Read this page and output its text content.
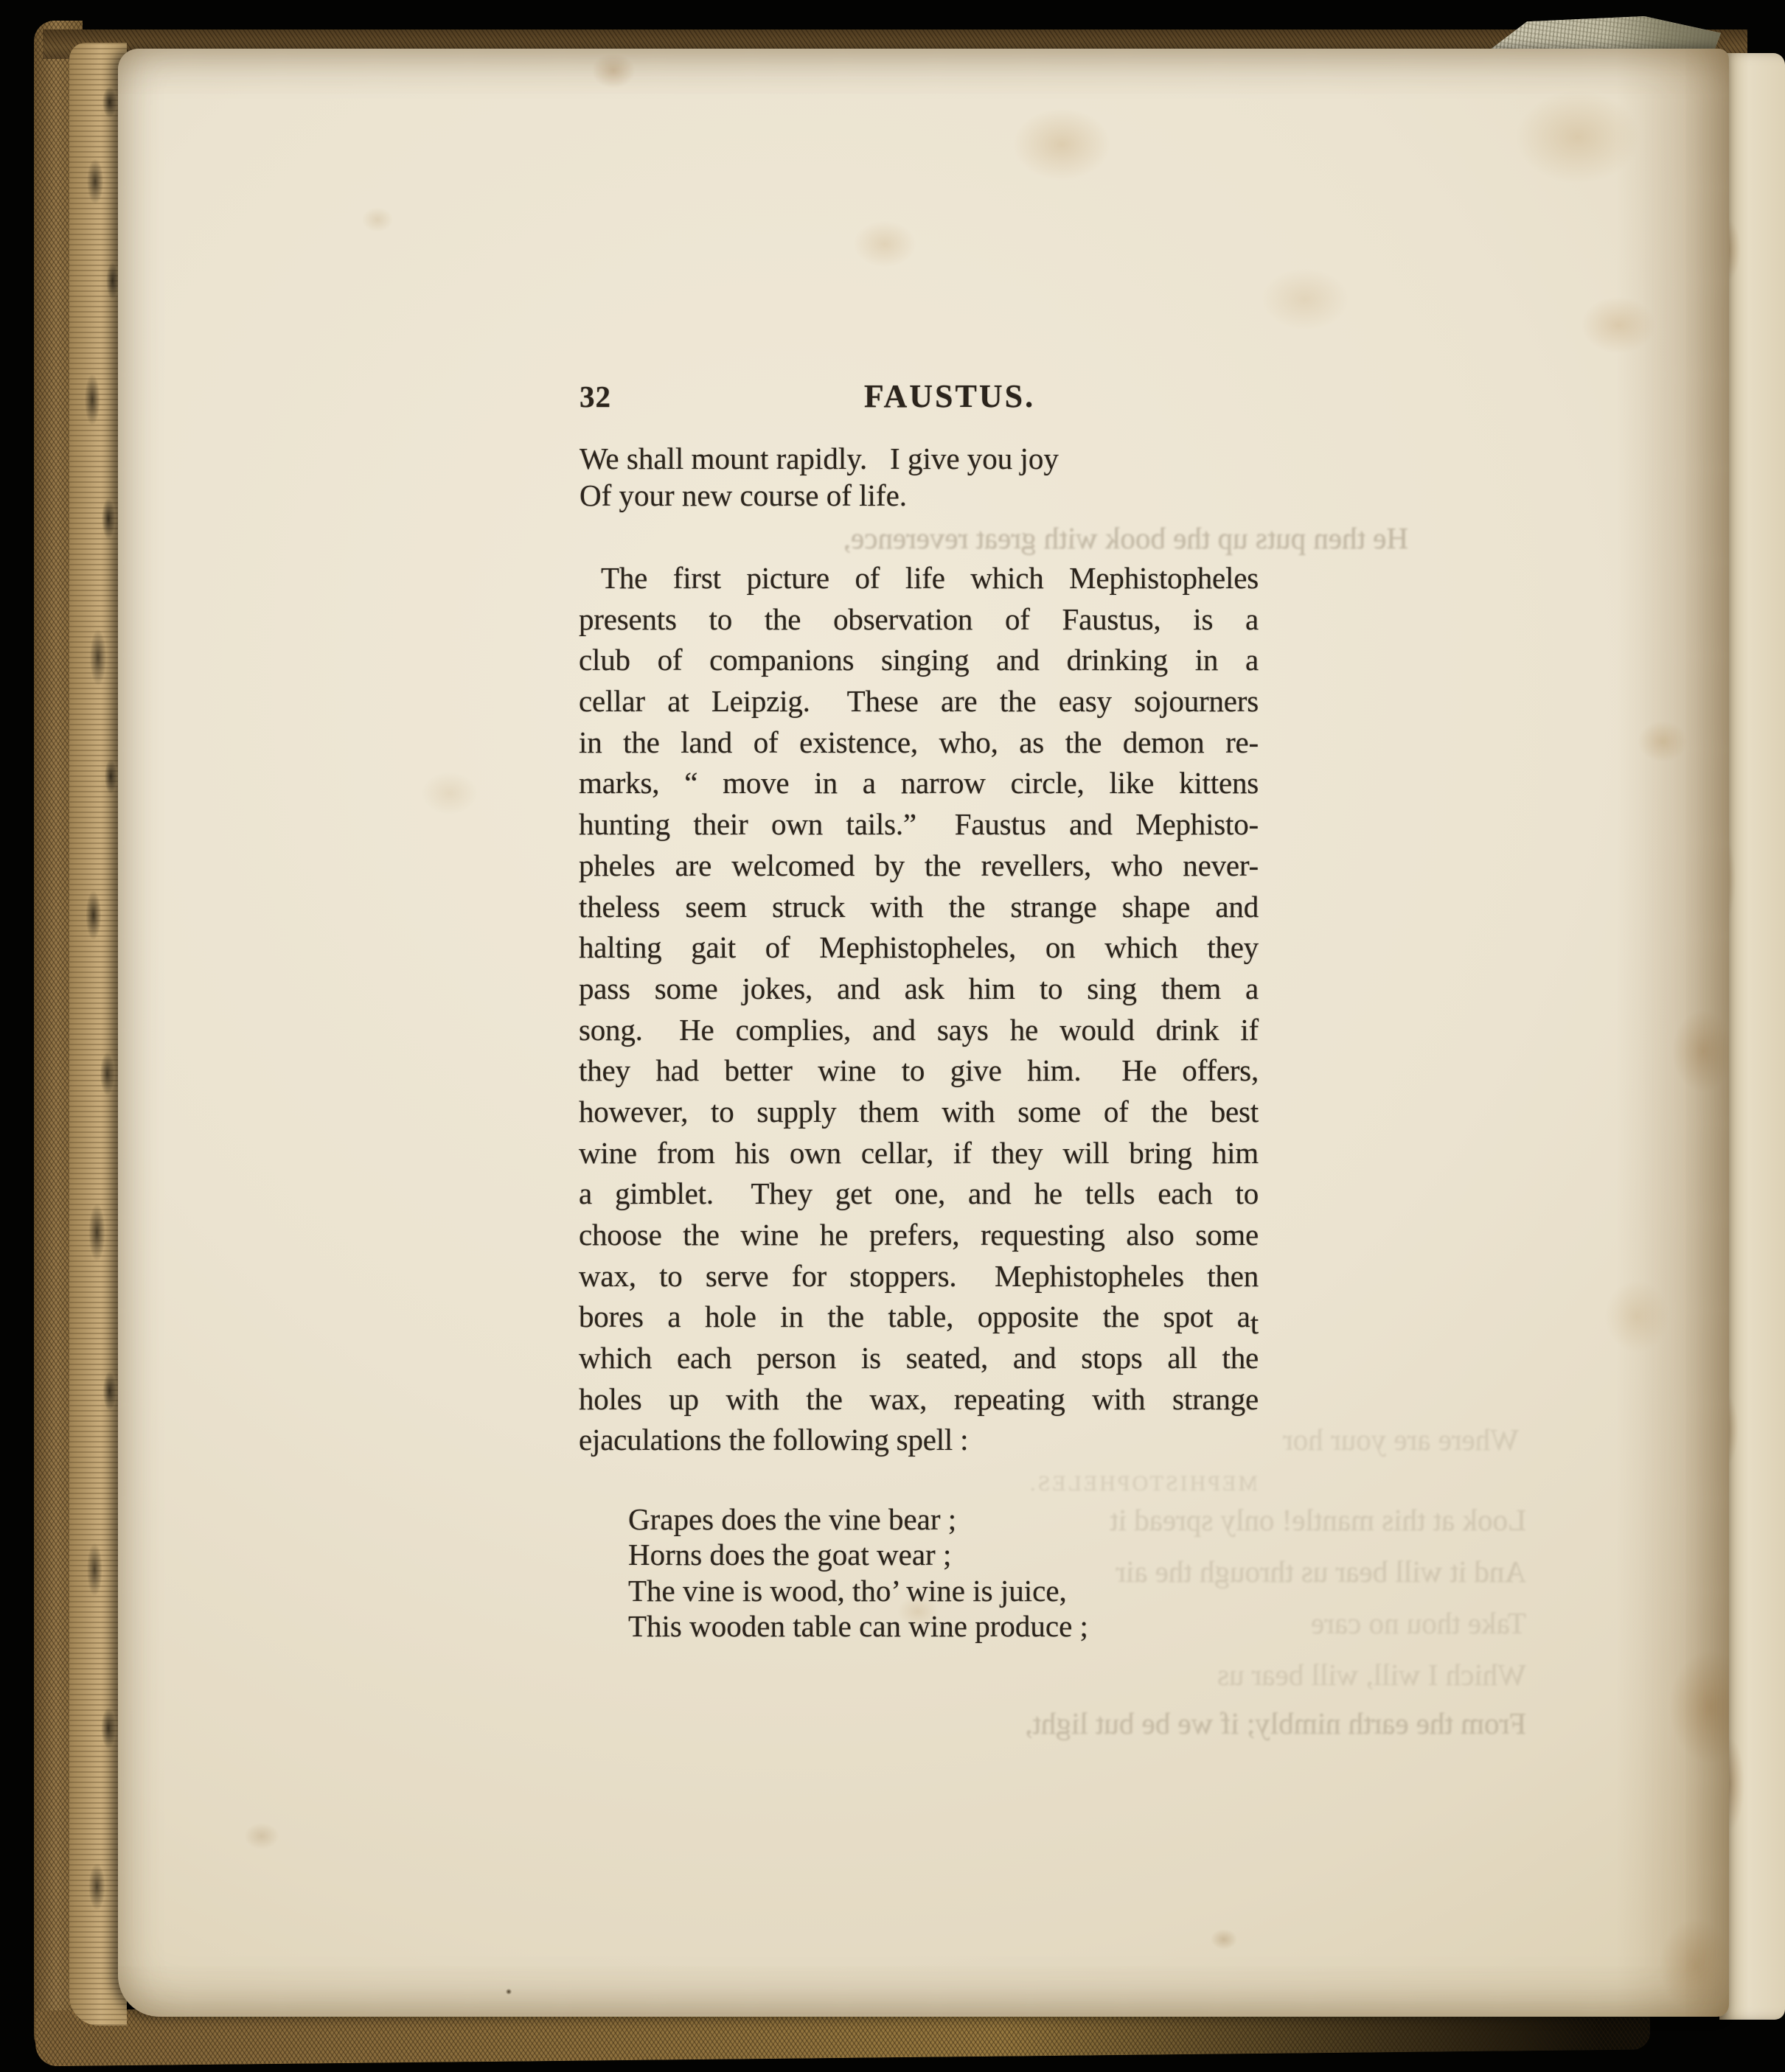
He then puts up the book with great reverence,
Where are your hor
MEPHISTOPHELES.
Look at this mantle! only spread it
And it will bear us through the air
Take thou no care
Which I will, will bear us
From the earth nimbly; if we be but light,
32	FAUSTUS.
We shall mount rapidly.  I give you joy
Of your new course of life.
The first picture of life which Mephistopheles
presents to the observation of Faustus, is a
club of companions singing and drinking in a
cellar at Leipzig.  These are the easy sojourners
in the land of existence, who, as the demon re-
marks, “ move in a narrow circle, like kittens
hunting their own tails.”  Faustus and Mephisto-
pheles are welcomed by the revellers, who never-
theless seem struck with the strange shape and
halting gait of Mephistopheles, on which they
pass some jokes, and ask him to sing them a
song.  He complies, and says he would drink if
they had better wine to give him.  He offers,
however, to supply them with some of the best
wine from his own cellar, if they will bring him
a gimblet.  They get one, and he tells each to
choose the wine he prefers, requesting also some
wax, to serve for stoppers.  Mephistopheles then
bores a hole in the table, opposite the spot at
which each person is seated, and stops all the
holes up with the wax, repeating with strange
ejaculations the following spell :
Grapes does the vine bear ;
Horns does the goat wear ;
The vine is wood, tho’ wine is juice,
This wooden table can wine produce ;
